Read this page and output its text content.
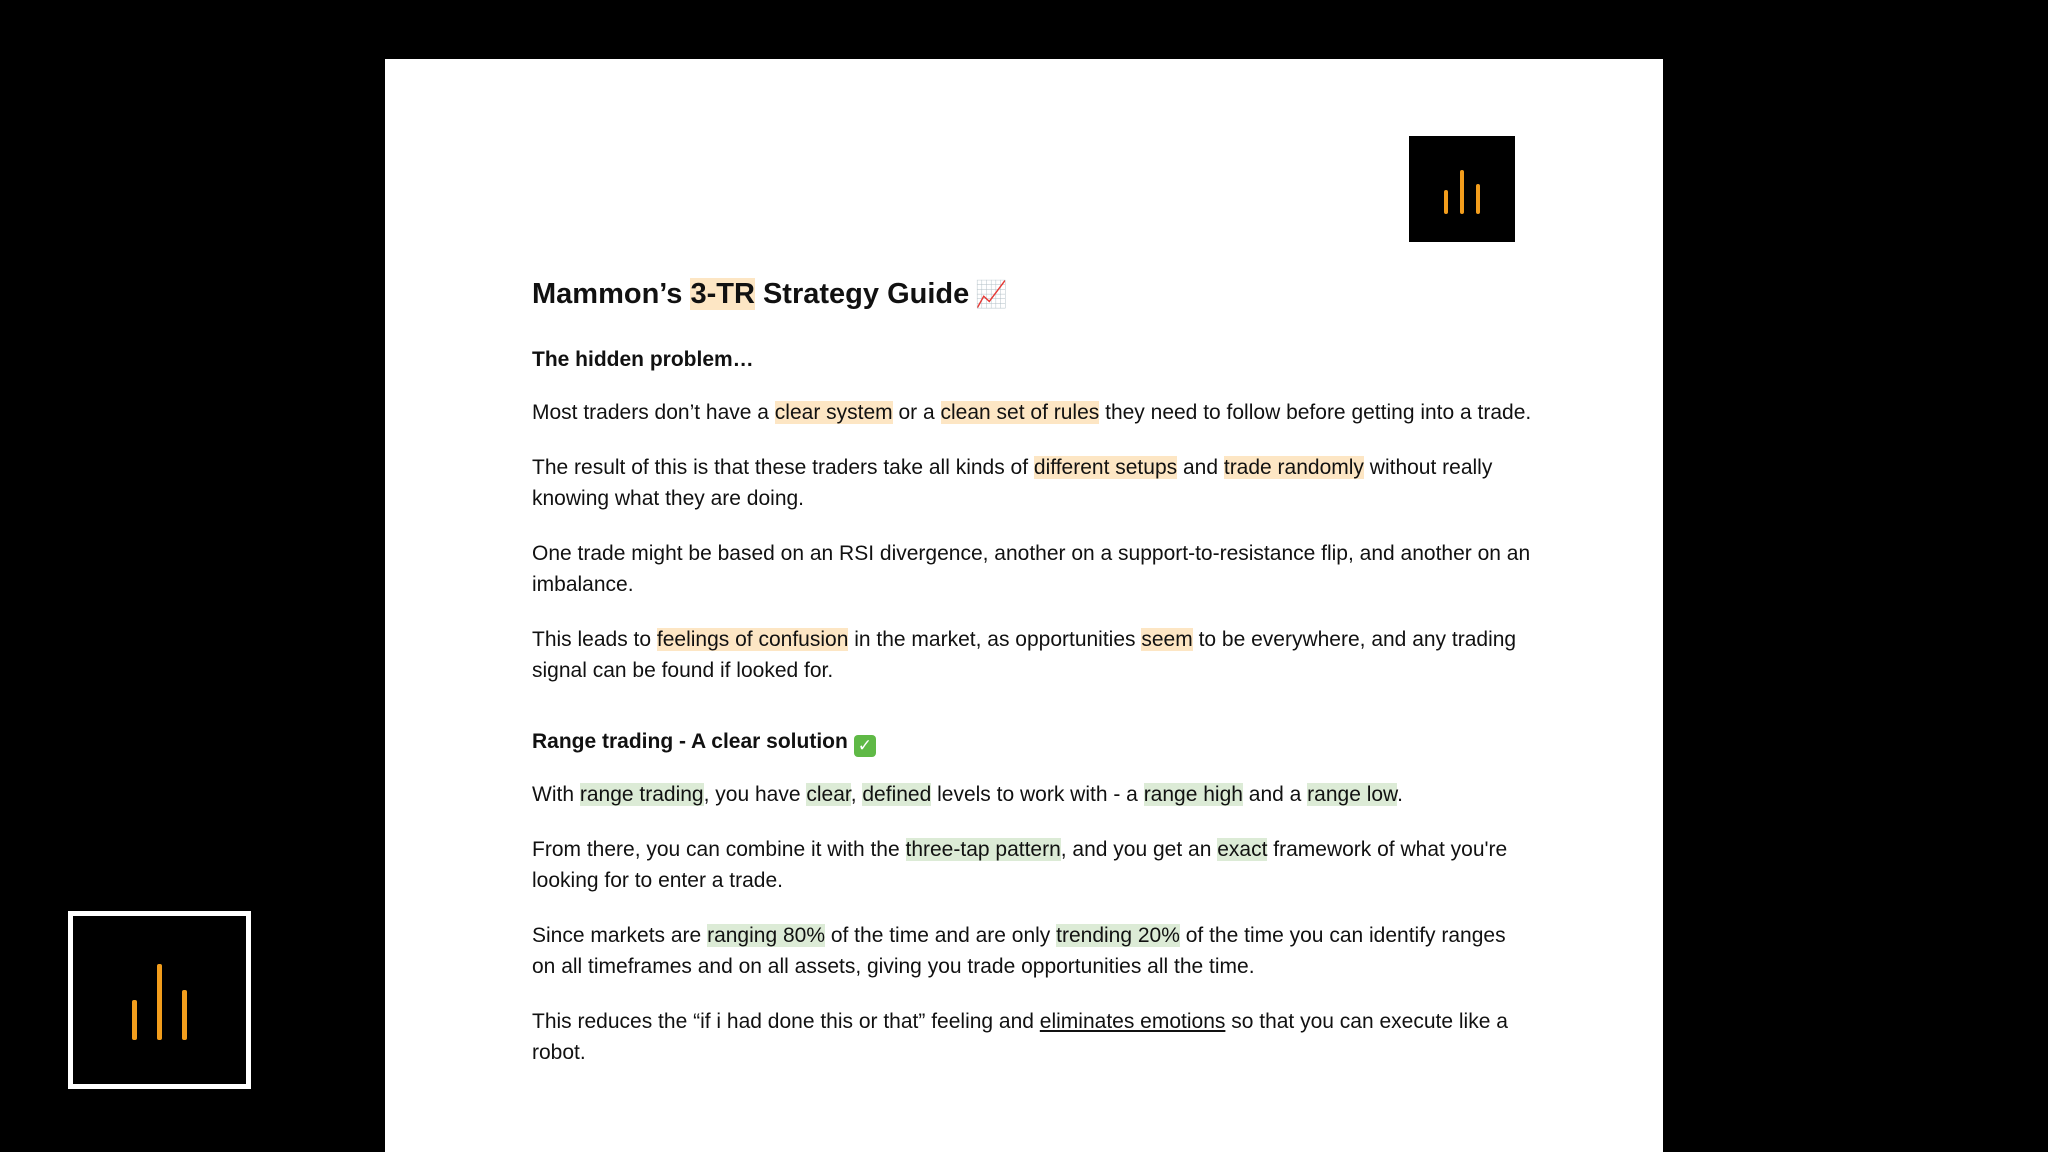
Mammon’s 3-TR Strategy Guide 📈
The hidden problem…

Most traders don’t have a clear system or a clean set of rules they need to follow before getting into a trade.

The result of this is that these traders take all kinds of different setups and trade randomly without really knowing what they are doing.

One trade might be based on an RSI divergence, another on a support-to-resistance flip, and another on an imbalance.

This leads to feelings of confusion in the market, as opportunities seem to be everywhere, and any trading signal can be found if looked for.

Range trading - A clear solution ✓

With range trading, you have clear, defined levels to work with - a range high and a range low.

From there, you can combine it with the three-tap pattern, and you get an exact framework of what you're looking for to enter a trade.

Since markets are ranging 80% of the time and are only trending 20% of the time you can identify ranges on all timeframes and on all assets, giving you trade opportunities all the time.

This reduces the “if i had done this or that” feeling and eliminates emotions so that you can execute like a robot.
